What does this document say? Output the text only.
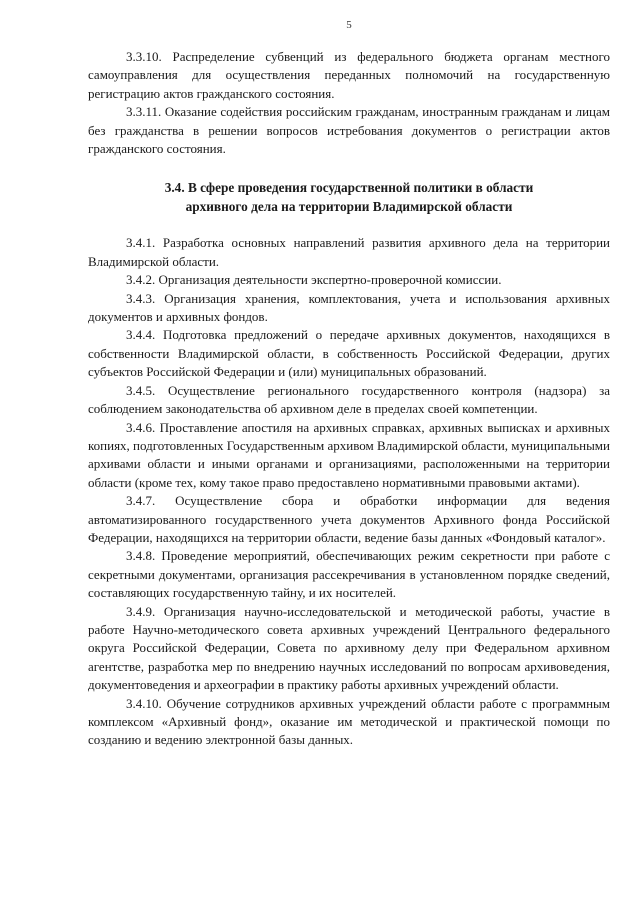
5

3.3.10. Распределение субвенций из федерального бюджета органам местного самоуправления для осуществления переданных полномочий на государственную регистрацию актов гражданского состояния.

3.3.11. Оказание содействия российским гражданам, иностранным гражданам и лицам без гражданства в решении вопросов истребования документов о регистрации актов гражданского состояния.

3.4. В сфере проведения государственной политики в области
архивного дела на территории Владимирской области

3.4.1. Разработка основных направлений развития архивного дела на территории Владимирской области.

3.4.2. Организация деятельности экспертно-проверочной комиссии.

3.4.3. Организация хранения, комплектования, учета и использования архивных документов и архивных фондов.

3.4.4. Подготовка предложений о передаче архивных документов, находящихся в собственности Владимирской области, в собственность Российской Федерации, других субъектов Российской Федерации и (или) муниципальных образований.

3.4.5. Осуществление регионального государственного контроля (надзора) за соблюдением законодательства об архивном деле в пределах своей компетенции.

3.4.6. Проставление апостиля на архивных справках, архивных выписках и архивных копиях, подготовленных Государственным архивом Владимирской области, муниципальными архивами области и иными органами и организациями, расположенными на территории области (кроме тех, кому такое право предоставлено нормативными правовыми актами).

3.4.7. Осуществление сбора и обработки информации для ведения автоматизированного государственного учета документов Архивного фонда Российской Федерации, находящихся на территории области, ведение базы данных «Фондовый каталог».

3.4.8. Проведение мероприятий, обеспечивающих режим секретности при работе с секретными документами, организация рассекречивания в установленном порядке сведений, составляющих государственную тайну, и их носителей.

3.4.9. Организация научно-исследовательской и методической работы, участие в работе Научно-методического совета архивных учреждений Центрального федерального округа Российской Федерации, Совета по архивному делу при Федеральном архивном агентстве, разработка мер по внедрению научных исследований по вопросам архивоведения, документоведения и археографии в практику работы архивных учреждений области.

3.4.10. Обучение сотрудников архивных учреждений области работе с программным комплексом «Архивный фонд», оказание им методической и практической помощи по созданию и ведению электронной базы данных.
